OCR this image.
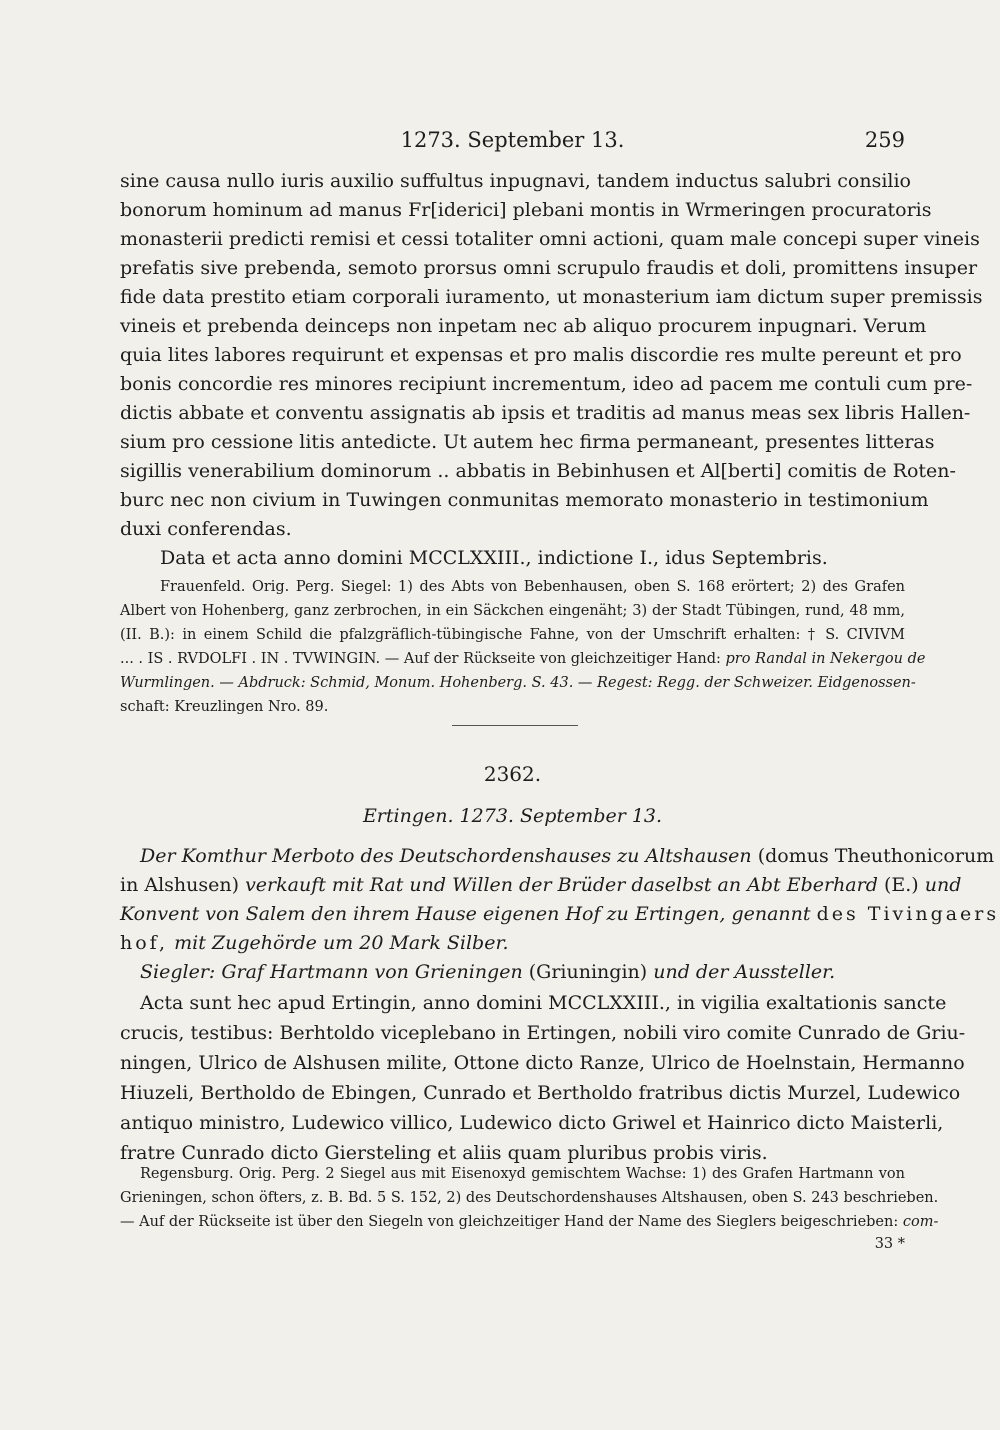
1273. September 13.	259
sine causa nullo iuris auxilio suffultus inpugnavi, tandem inductus salubri consilio
bonorum hominum ad manus Fr[iderici] plebani montis in Wrmeringen procuratoris
monasterii predicti remisi et cessi totaliter omni actioni, quam male concepi super vineis
prefatis sive prebenda, semoto prorsus omni scrupulo fraudis et doli, promittens insuper
fide data prestito etiam corporali iuramento, ut monasterium iam dictum super premissis
vineis et prebenda deinceps non inpetam nec ab aliquo procurem inpugnari. Verum
quia lites labores requirunt et expensas et pro malis discordie res multe pereunt et pro
bonis concordie res minores recipiunt incrementum, ideo ad pacem me contuli cum pre-
dictis abbate et conventu assignatis ab ipsis et traditis ad manus meas sex libris Hallen-
sium pro cessione litis antedicte. Ut autem hec firma permaneant, presentes litteras
sigillis venerabilium dominorum .. abbatis in Bebinhusen et Al[berti] comitis de Roten-
burc nec non civium in Tuwingen conmunitas memorato monasterio in testimonium
duxi conferendas.
Data et acta anno domini MCCLXXIII., indictione I., idus Septembris.
Frauenfeld. Orig. Perg. Siegel: 1) des Abts von Bebenhausen, oben S. 168 erörtert; 2) des Grafen
Albert von Hohenberg, ganz zerbrochen, in ein Säckchen eingenäht; 3) der Stadt Tübingen, rund, 48 mm,
(II. B.): in einem Schild die pfalzgräflich-tübingische Fahne, von der Umschrift erhalten: † S. CIVIVM
... . IS . RVDOLFI . IN . TVWINGIN. — Auf der Rückseite von gleichzeitiger Hand: pro Randal in Nekergou de
Wurmlingen. — Abdruck: Schmid, Monum. Hohenberg. S. 43. — Regest: Regg. der Schweizer. Eidgenossen-
schaft: Kreuzlingen Nro. 89.
2362.
Ertingen. 1273. September 13.
Der Komthur Merboto des Deutschordenshauses zu Altshausen (domus Theuthonicorum
in Alshusen) verkauft mit Rat und Willen der Brüder daselbst an Abt Eberhard (E.) und
Konvent von Salem den ihrem Hause eigenen Hof zu Ertingen, genannt des Tivingaers
hof, mit Zugehörde um 20 Mark Silber.
Siegler: Graf Hartmann von Grieningen (Griuningin) und der Aussteller.
Acta sunt hec apud Ertingin, anno domini MCCLXXIII., in vigilia exaltationis sancte
crucis, testibus: Berhtoldo viceplebano in Ertingen, nobili viro comite Cunrado de Griu-
ningen, Ulrico de Alshusen milite, Ottone dicto Ranze, Ulrico de Hoelnstain, Hermanno
Hiuzeli, Bertholdo de Ebingen, Cunrado et Bertholdo fratribus dictis Murzel, Ludewico
antiquo ministro, Ludewico villico, Ludewico dicto Griwel et Hainrico dicto Maisterli,
fratre Cunrado dicto Giersteling et aliis quam pluribus probis viris.
Regensburg. Orig. Perg. 2 Siegel aus mit Eisenoxyd gemischtem Wachse: 1) des Grafen Hartmann von
Grieningen, schon öfters, z. B. Bd. 5 S. 152, 2) des Deutschordenshauses Altshausen, oben S. 243 beschrieben.
— Auf der Rückseite ist über den Siegeln von gleichzeitiger Hand der Name des Sieglers beigeschrieben: com-
33 *
